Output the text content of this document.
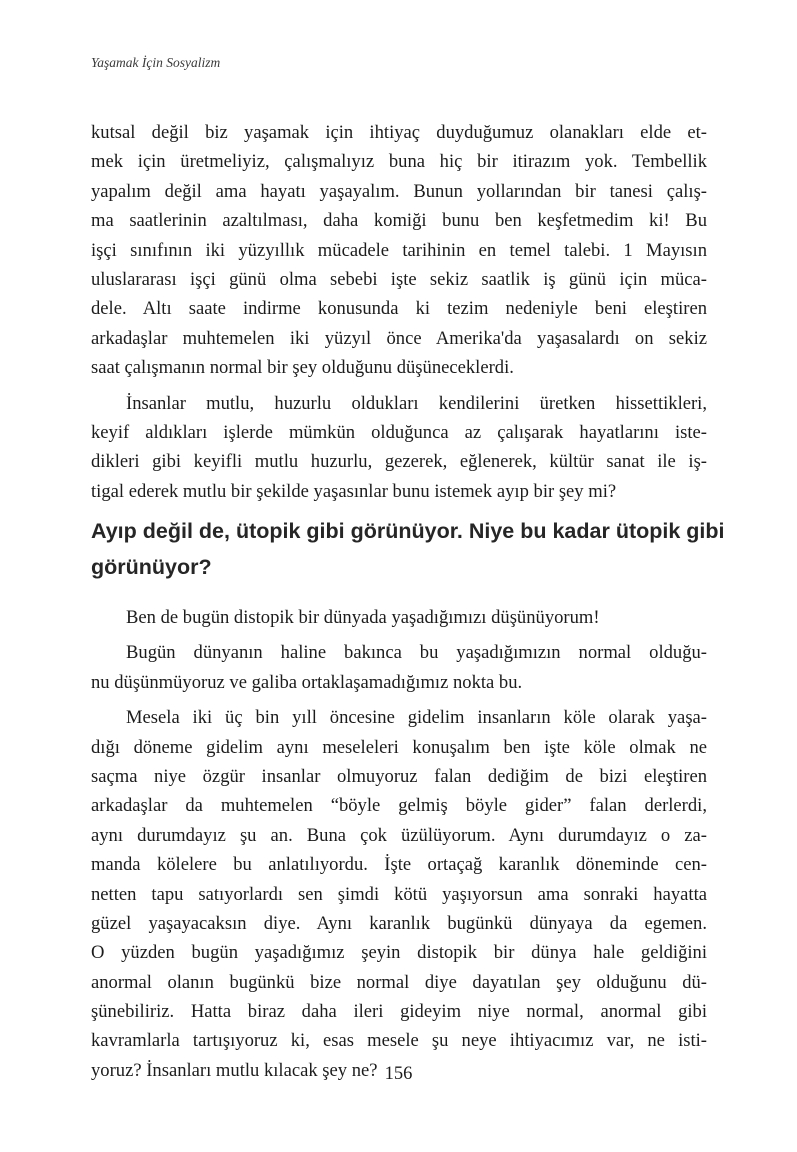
Yaşamak İçin Sosyalizm
kutsal değil biz yaşamak için ihtiyaç duyduğumuz olanakları elde et-
mek için üretmeliyiz, çalışmalıyız buna hiç bir itirazım yok. Tembellik
yapalım değil ama hayatı yaşayalım. Bunun yollarından bir tanesi çalış-
ma saatlerinin azaltılması, daha komiği bunu ben keşfetmedim ki! Bu
işçi sınıfının iki yüzyıllık mücadele tarihinin en temel talebi. 1 Mayısın
uluslararası işçi günü olma sebebi işte sekiz saatlik iş günü için müca-
dele. Altı saate indirme konusunda ki tezim nedeniyle beni eleştiren
arkadaşlar muhtemelen iki yüzyıl önce Amerika'da yaşasalardı on sekiz
saat çalışmanın normal bir şey olduğunu düşüneceklerdi.
İnsanlar mutlu, huzurlu oldukları kendilerini üretken hissettikleri,
keyif aldıkları işlerde mümkün olduğunca az çalışarak hayatlarını iste-
dikleri gibi keyifli mutlu huzurlu, gezerek, eğlenerek, kültür sanat ile iş-
tigal ederek mutlu bir şekilde yaşasınlar bunu istemek ayıp bir şey mi?
Ayıp değil de, ütopik gibi görünüyor. Niye bu kadar ütopik gibi
görünüyor?
Ben de bugün distopik bir dünyada yaşadığımızı düşünüyorum!
Bugün dünyanın haline bakınca bu yaşadığımızın normal olduğu-
nu düşünmüyoruz ve galiba ortaklaşamadığımız nokta bu.
Mesela iki üç bin yıll öncesine gidelim insanların köle olarak yaşa-
dığı döneme gidelim aynı meseleleri konuşalım ben işte köle olmak ne
saçma niye özgür insanlar olmuyoruz falan dediğim de bizi eleştiren
arkadaşlar da muhtemelen “böyle gelmiş böyle gider” falan derlerdi,
aynı durumdayız şu an. Buna çok üzülüyorum. Aynı durumdayız o za-
manda kölelere bu anlatılıyordu. İşte ortaçağ karanlık döneminde cen-
netten tapu satıyorlardı sen şimdi kötü yaşıyorsun ama sonraki hayatta
güzel yaşayacaksın diye. Aynı karanlık bugünkü dünyaya da egemen.
O yüzden bugün yaşadığımız şeyin distopik bir dünya hale geldiğini
anormal olanın bugünkü bize normal diye dayatılan şey olduğunu dü-
şünebiliriz. Hatta biraz daha ileri gideyim niye normal, anormal gibi
kavramlarla tartışıyoruz ki, esas mesele şu neye ihtiyacımız var, ne isti-
yoruz? İnsanları mutlu kılacak şey ne? 156
